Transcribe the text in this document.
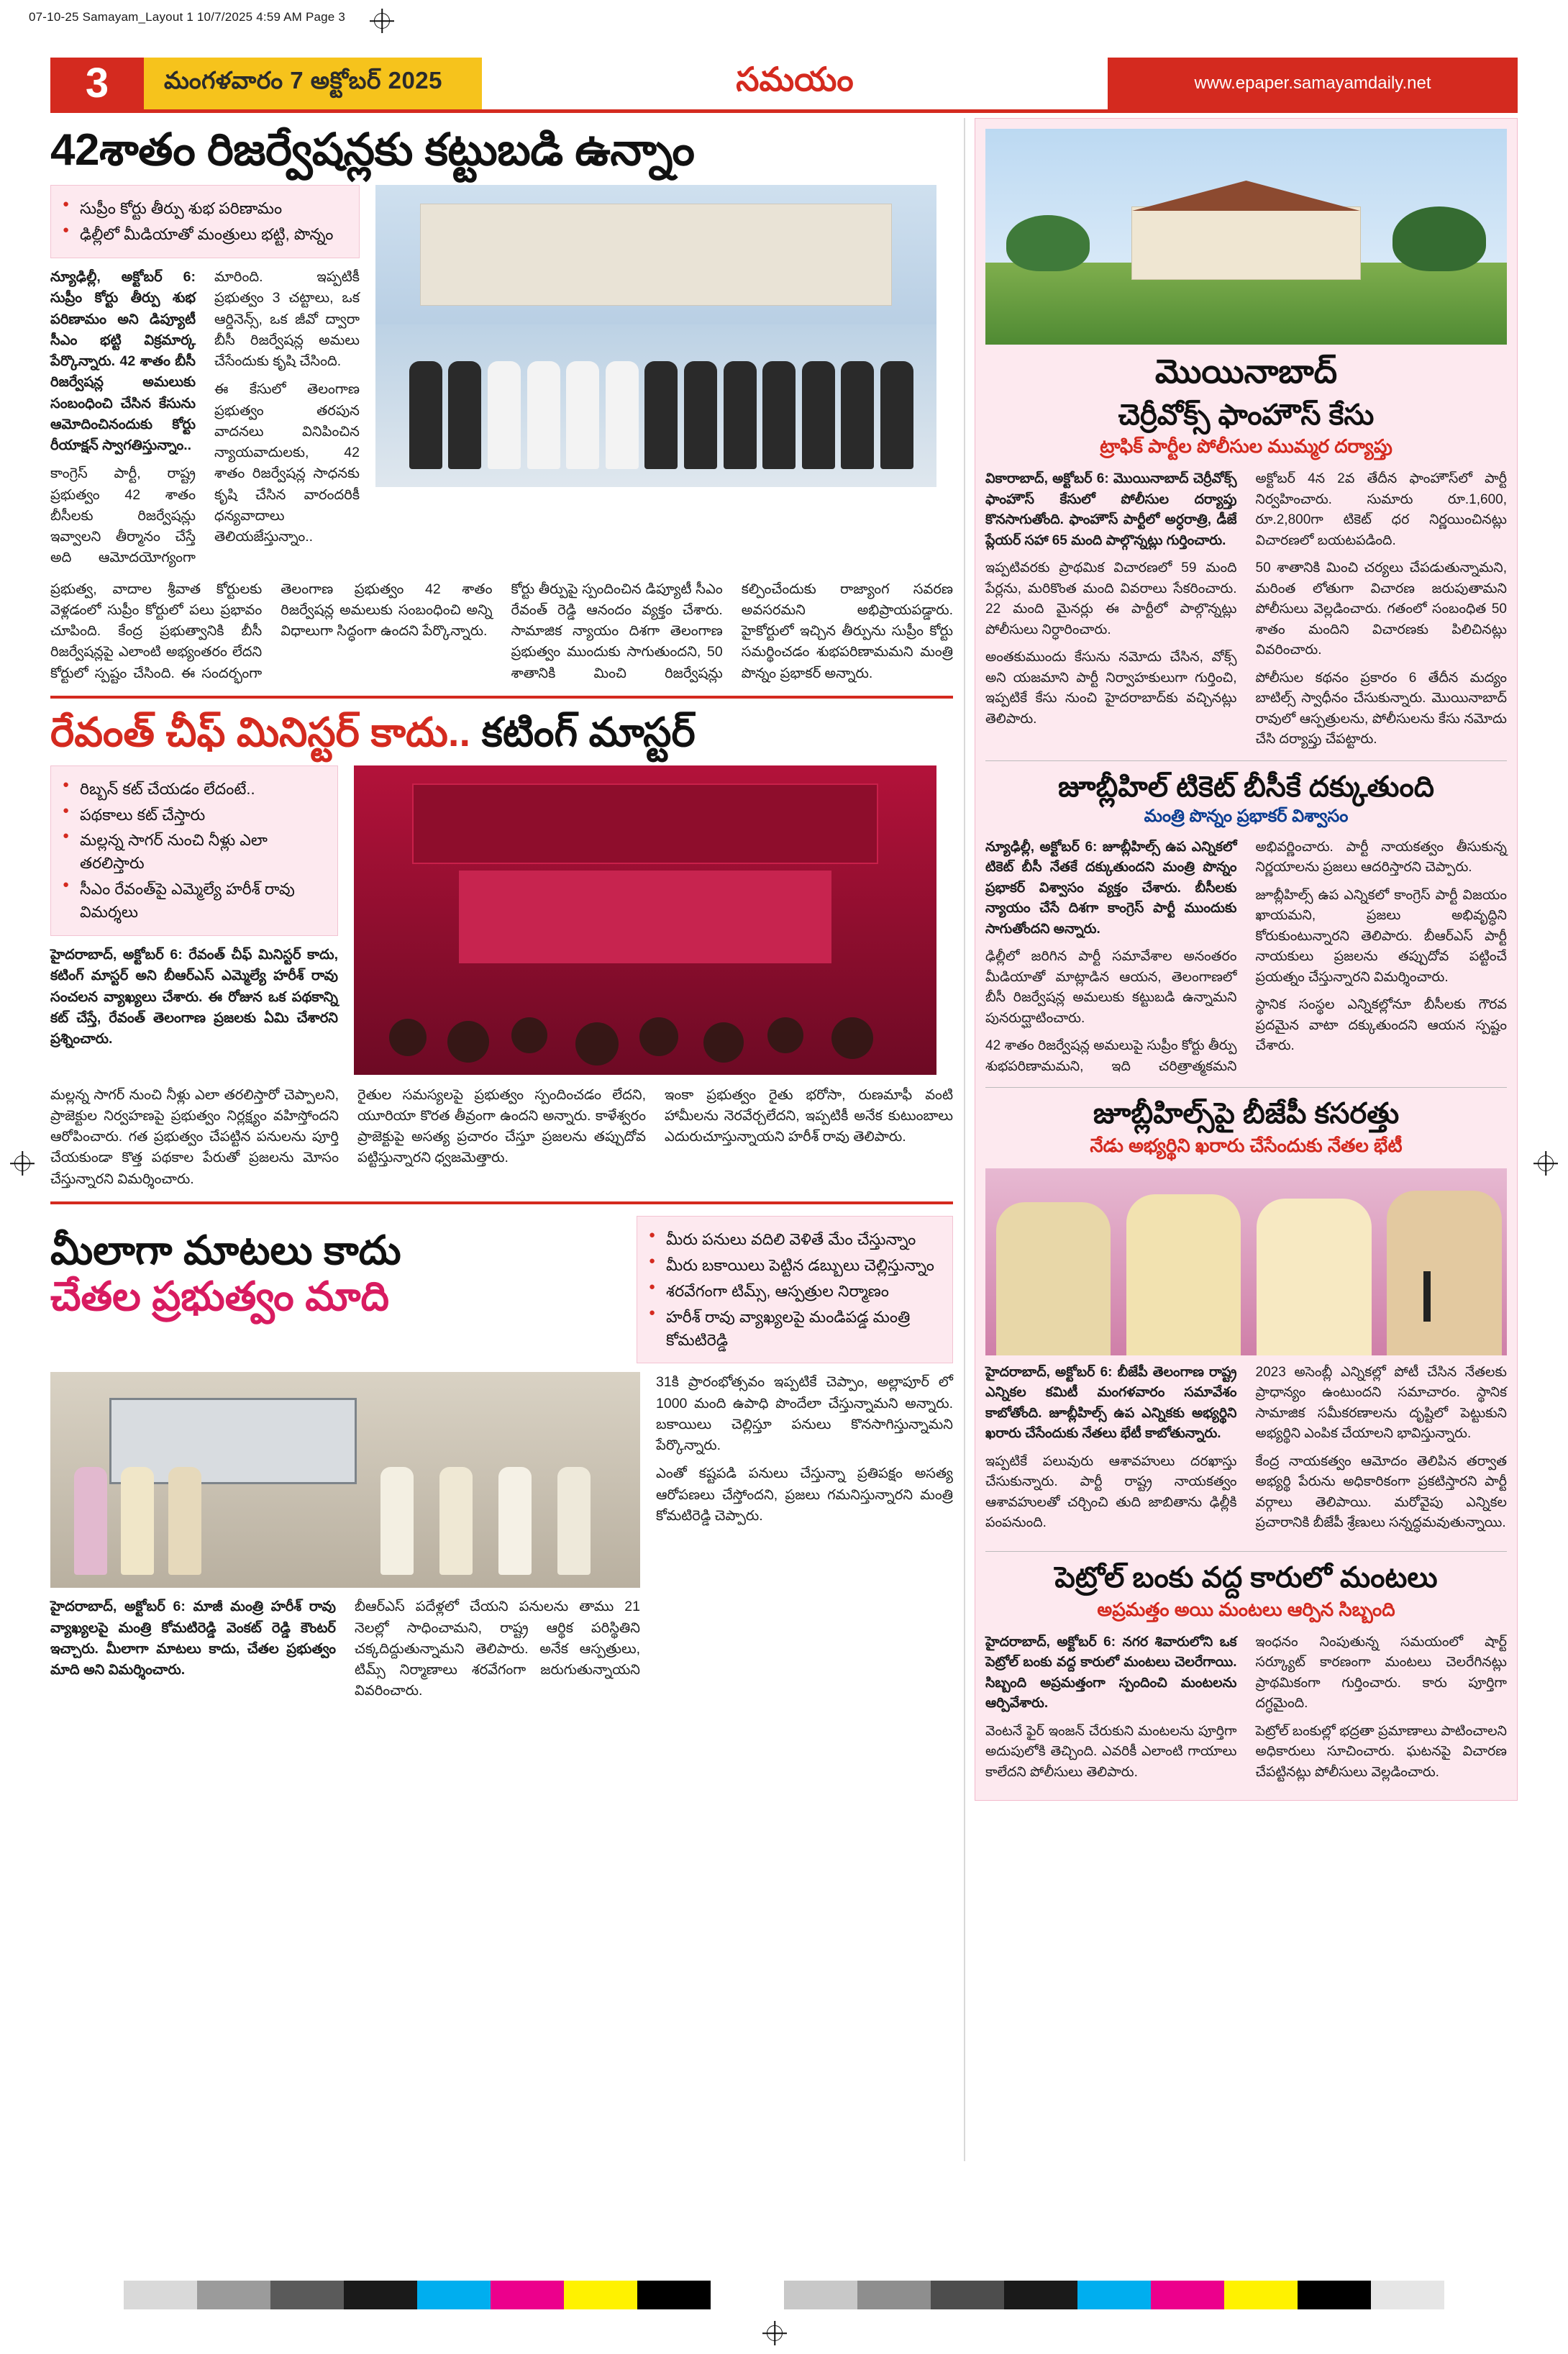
07-10-25 Samayam_Layout 1 10/7/2025 4:59 AM Page 3
3	మంగళవారం 7 అక్టోబర్ 2025	సమయం	www.epaper.samayamdaily.net
42శాతం రిజర్వేషన్లకు కట్టుబడి ఉన్నాం
● సుప్రీం కోర్టు తీర్పు శుభ పరిణామం
● ఢిల్లీలో మీడియాతో మంత్రులు భట్టి, పొన్నం

న్యూఢిల్లీ, అక్టోబర్ 6: సుప్రీం కోర్టు తీర్పు శుభ పరిణామం అని డిప్యూటీ సీఎం భట్టి విక్రమార్క పేర్కొన్నారు. 42 శాతం బీసీ రిజర్వేషన్ల అమలుకు సంబంధించి చేసిన కేసును ఆమోదించినందుకు కోర్టు రీయాక్షన్ స్వాగతిస్తున్నాం..

కాంగ్రెస్ పార్టీ, రాష్ట్ర ప్రభుత్వం 42 శాతం బీసీలకు రిజర్వేషన్లు ఇవ్వాలని తీర్మానం చేస్తే అది ఆమోదయోగ్యంగా మారింది. ఇప్పటికీ ప్రభుత్వం 3 చట్టాలు, ఒక ఆర్డినెన్స్, ఒక జీవో ద్వారా బీసీ రిజర్వేషన్ల అమలు చేసేందుకు కృషి చేసింది.

ఈ కేసులో తెలంగాణ ప్రభుత్వం తరపున వాదనలు వినిపించిన న్యాయవాదులకు, 42 శాతం రిజర్వేషన్ల సాధనకు కృషి చేసిన వారందరికీ ధన్యవాదాలు తెలియజేస్తున్నాం..

ప్రభుత్వ, వాదాల శ్రీవాత కోర్టులకు వెళ్లడంలో సుప్రీం కోర్టులో పలు ప్రభావం చూపింది. కేంద్ర ప్రభుత్వానికి బీసీ రిజర్వేషన్లపై ఎలాంటి అభ్యంతరం లేదని కోర్టులో స్పష్టం చేసింది. ఈ సందర్భంగా తెలంగాణ ప్రభుత్వం 42 శాతం రిజర్వేషన్ల అమలుకు సంబంధించి అన్ని విధాలుగా సిద్ధంగా ఉందని పేర్కొన్నారు.

కోర్టు తీర్పుపై స్పందించిన డిప్యూటీ సీఎం రేవంత్ రెడ్డి ఆనందం వ్యక్తం చేశారు. సామాజిక న్యాయం దిశగా తెలంగాణ ప్రభుత్వం ముందుకు సాగుతుందని, 50 శాతానికి మించి రిజర్వేషన్లు కల్పించేందుకు రాజ్యాంగ సవరణ అవసరమని అభిప్రాయపడ్డారు. హైకోర్టులో ఇచ్చిన తీర్పును సుప్రీం కోర్టు సమర్థించడం శుభపరిణామమని మంత్రి పొన్నం ప్రభాకర్ అన్నారు.

రేవంత్ చీఫ్ మినిస్టర్ కాదు.. కటింగ్ మాస్టర్
● రిబ్బన్ కట్ చేయడం లేదంటే..
● పథకాలు కట్ చేస్తారు
● మల్లన్న సాగర్ నుంచి నీళ్లు ఎలా తరలిస్తారు
● సీఎం రేవంత్‌పై ఎమ్మెల్యే హరీశ్ రావు విమర్శలు

హైదరాబాద్, అక్టోబర్ 6: రేవంత్ చీఫ్ మినిస్టర్ కాదు, కటింగ్ మాస్టర్ అని బీఆర్ఎస్ ఎమ్మెల్యే హరీశ్ రావు సంచలన వ్యాఖ్యలు చేశారు. ఈ రోజున ఒక పథకాన్ని కట్ చేస్తే, రేవంత్ తెలంగాణ ప్రజలకు ఏమి చేశారని ప్రశ్నించారు.

మల్లన్న సాగర్ నుంచి నీళ్లు ఎలా తరలిస్తారో చెప్పాలని, ప్రాజెక్టుల నిర్వహణపై ప్రభుత్వం నిర్లక్ష్యం వహిస్తోందని ఆరోపించారు. గత ప్రభుత్వం చేపట్టిన పనులను పూర్తి చేయకుండా కొత్త పథకాల పేరుతో ప్రజలను మోసం చేస్తున్నారని విమర్శించారు.

రైతుల సమస్యలపై ప్రభుత్వం స్పందించడం లేదని, యూరియా కొరత తీవ్రంగా ఉందని అన్నారు. కాళేశ్వరం ప్రాజెక్టుపై అసత్య ప్రచారం చేస్తూ ప్రజలను తప్పుదోవ పట్టిస్తున్నారని ధ్వజమెత్తారు.

ఇంకా ప్రభుత్వం రైతు భరోసా, రుణమాఫీ వంటి హామీలను నెరవేర్చలేదని, ఇప్పటికీ అనేక కుటుంబాలు ఎదురుచూస్తున్నాయని హరీశ్ రావు తెలిపారు.

మీలాగా మాటలు కాదు
చేతల ప్రభుత్వం మాది
● మీరు పనులు వదిలి వెళితే మేం చేస్తున్నాం
● మీరు బకాయిలు పెట్టిన డబ్బులు చెల్లిస్తున్నాం
● శరవేగంగా టిమ్స్, ఆస్పత్రుల నిర్మాణం
● హరీశ్ రావు వ్యాఖ్యలపై మండిపడ్డ మంత్రి కోమటిరెడ్డి

హైదరాబాద్, అక్టోబర్ 6: మాజీ మంత్రి హరీశ్ రావు వ్యాఖ్యలపై మంత్రి కోమటిరెడ్డి వెంకట్ రెడ్డి కౌంటర్ ఇచ్చారు. మీలాగా మాటలు కాదు, చేతల ప్రభుత్వం మాది అని విమర్శించారు.

బీఆర్ఎస్ పదేళ్లలో చేయని పనులను తాము 21 నెలల్లో సాధించామని, రాష్ట్ర ఆర్థిక పరిస్థితిని చక్కదిద్దుతున్నామని తెలిపారు. అనేక ఆస్పత్రులు, టిమ్స్ నిర్మాణాలు శరవేగంగా జరుగుతున్నాయని వివరించారు.

31కి ప్రారంభోత్సవం ఇప్పటికే చెప్పాం, అల్లాపూర్ లో 1000 మంది ఉపాధి పొందేలా చేస్తున్నామని అన్నారు. బకాయిలు చెల్లిస్తూ పనులు కొనసాగిస్తున్నామని పేర్కొన్నారు.

ఎంతో కష్టపడి పనులు చేస్తున్నా ప్రతిపక్షం అసత్య ఆరోపణలు చేస్తోందని, ప్రజలు గమనిస్తున్నారని మంత్రి కోమటిరెడ్డి చెప్పారు.

మొయినాబాద్
చెర్రీవోక్స్ ఫాంహౌస్ కేసు
ట్రాఫిక్ పార్టీల పోలీసుల ముమ్మర దర్యాప్తు

వికారాబాద్, అక్టోబర్ 6: మొయినాబాద్ చెర్రీవోక్స్ ఫాంహౌస్ కేసులో పోలీసుల దర్యాప్తు కొనసాగుతోంది. ఫాంహౌస్ పార్టీలో అర్ధరాత్రి, డీజే ప్లేయర్ సహా 65 మంది పాల్గొన్నట్లు గుర్తించారు.

ఇప్పటివరకు ప్రాథమిక విచారణలో 59 మంది పేర్లను, మరికొంత మంది వివరాలు సేకరించారు. 22 మంది మైనర్లు ఈ పార్టీలో పాల్గొన్నట్లు పోలీసులు నిర్ధారించారు.

అంతకుముందు కేసును నమోదు చేసిన, వోక్స్ అని యజమాని పార్టీ నిర్వాహకులుగా గుర్తించి, ఇప్పటికే కేసు నుంచి హైదరాబాద్‌కు వచ్చినట్లు తెలిపారు.

అక్టోబర్ 4న 2వ తేదీన ఫాంహౌస్‌లో పార్టీ నిర్వహించారు. సుమారు రూ.1,600, రూ.2,800గా టికెట్ ధర నిర్ణయించినట్లు విచారణలో బయటపడింది.

50 శాతానికి మించి చర్యలు చేపడుతున్నామని, మరింత లోతుగా విచారణ జరుపుతామని పోలీసులు వెల్లడించారు. గతంలో సంబంధిత 50 శాతం మందిని విచారణకు పిలిచినట్లు వివరించారు.

పోలీసుల కథనం ప్రకారం 6 తేదీన మద్యం బాటిల్స్ స్వాధీనం చేసుకున్నారు. మొయినాబాద్ రావులో ఆస్పత్రులను, పోలీసులను కేసు నమోదు చేసి దర్యాప్తు చేపట్టారు.

జూబ్లీహిల్ టికెట్ బీసీకే దక్కుతుంది
మంత్రి పొన్నం ప్రభాకర్ విశ్వాసం

న్యూఢిల్లీ, అక్టోబర్ 6: జూబ్లీహిల్స్ ఉప ఎన్నికలో టికెట్ బీసీ నేతకే దక్కుతుందని మంత్రి పొన్నం ప్రభాకర్ విశ్వాసం వ్యక్తం చేశారు. బీసీలకు న్యాయం చేసే దిశగా కాంగ్రెస్ పార్టీ ముందుకు సాగుతోందని అన్నారు.

ఢిల్లీలో జరిగిన పార్టీ సమావేశాల అనంతరం మీడియాతో మాట్లాడిన ఆయన, తెలంగాణలో బీసీ రిజర్వేషన్ల అమలుకు కట్టుబడి ఉన్నామని పునరుద్ఘాటించారు.

42 శాతం రిజర్వేషన్ల అమలుపై సుప్రీం కోర్టు తీర్పు శుభపరిణామమని, ఇది చరిత్రాత్మకమని అభివర్ణించారు. పార్టీ నాయకత్వం తీసుకున్న నిర్ణయాలను ప్రజలు ఆదరిస్తారని చెప్పారు.

జూబ్లీహిల్స్ ఉప ఎన్నికలో కాంగ్రెస్ పార్టీ విజయం ఖాయమని, ప్రజలు అభివృద్ధిని కోరుకుంటున్నారని తెలిపారు. బీఆర్ఎస్ పార్టీ నాయకులు ప్రజలను తప్పుదోవ పట్టించే ప్రయత్నం చేస్తున్నారని విమర్శించారు.

స్థానిక సంస్థల ఎన్నికల్లోనూ బీసీలకు గౌరవ ప్రదమైన వాటా దక్కుతుందని ఆయన స్పష్టం చేశారు.

జూబ్లీహిల్స్‌పై బీజేపీ కసరత్తు
నేడు అభ్యర్థిని ఖరారు చేసేందుకు నేతల భేటీ

హైదరాబాద్, అక్టోబర్ 6: బీజేపీ తెలంగాణ రాష్ట్ర ఎన్నికల కమిటీ మంగళవారం సమావేశం కాబోతోంది. జూబ్లీహిల్స్ ఉప ఎన్నికకు అభ్యర్థిని ఖరారు చేసేందుకు నేతలు భేటీ కాబోతున్నారు.

ఇప్పటికే పలువురు ఆశావహులు దరఖాస్తు చేసుకున్నారు. పార్టీ రాష్ట్ర నాయకత్వం ఆశావహులతో చర్చించి తుది జాబితాను ఢిల్లీకి పంపనుంది.

2023 అసెంబ్లీ ఎన్నికల్లో పోటీ చేసిన నేతలకు ప్రాధాన్యం ఉంటుందని సమాచారం. స్థానిక సామాజిక సమీకరణాలను దృష్టిలో పెట్టుకుని అభ్యర్థిని ఎంపిక చేయాలని భావిస్తున్నారు.

కేంద్ర నాయకత్వం ఆమోదం తెలిపిన తర్వాత అభ్యర్థి పేరును అధికారికంగా ప్రకటిస్తారని పార్టీ వర్గాలు తెలిపాయి. మరోవైపు ఎన్నికల ప్రచారానికి బీజేపీ శ్రేణులు సన్నద్ధమవుతున్నాయి.

పెట్రోల్ బంకు వద్ద కారులో మంటలు
అప్రమత్తం అయి మంటలు ఆర్పిన సిబ్బంది

హైదరాబాద్, అక్టోబర్ 6: నగర శివారులోని ఒక పెట్రోల్ బంకు వద్ద కారులో మంటలు చెలరేగాయి. సిబ్బంది అప్రమత్తంగా స్పందించి మంటలను ఆర్పివేశారు.

వెంటనే ఫైర్ ఇంజన్ చేరుకుని మంటలను పూర్తిగా అదుపులోకి తెచ్చింది. ఎవరికీ ఎలాంటి గాయాలు కాలేదని పోలీసులు తెలిపారు.

ఇంధనం నింపుతున్న సమయంలో షార్ట్ సర్క్యూట్ కారణంగా మంటలు చెలరేగినట్లు ప్రాథమికంగా గుర్తించారు. కారు పూర్తిగా దగ్ధమైంది.

పెట్రోల్ బంకుల్లో భద్రతా ప్రమాణాలు పాటించాలని అధికారులు సూచించారు. ఘటనపై విచారణ చేపట్టినట్లు పోలీసులు వెల్లడించారు.
